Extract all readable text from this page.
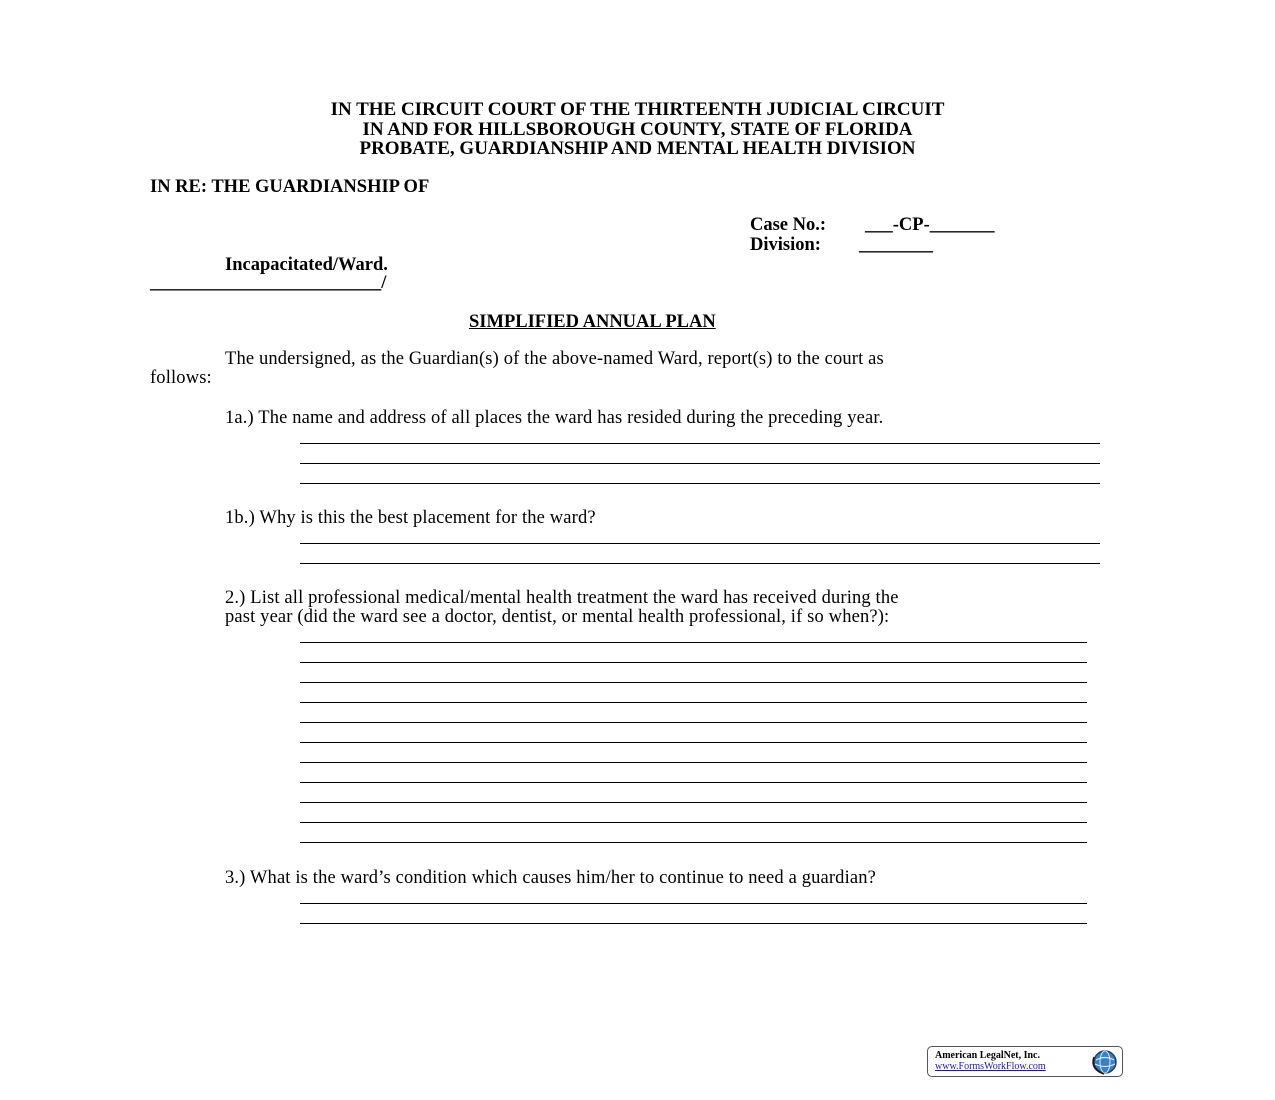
IN THE CIRCUIT COURT OF THE THIRTEENTH JUDICIAL CIRCUIT
IN AND FOR HILLSBOROUGH COUNTY, STATE OF FLORIDA
PROBATE, GUARDIANSHIP AND MENTAL HEALTH DIVISION
IN RE: THE GUARDIANSHIP OF
Case No.: ___-CP-_______
Division: ________
Incapacitated/Ward.
_________________________/
SIMPLIFIED ANNUAL PLAN
The undersigned, as the Guardian(s) of the above-named Ward, report(s) to the court as
follows:
1a.) The name and address of all places the ward has resided during the preceding year.
1b.) Why is this the best placement for the ward?
2.) List all professional medical/mental health treatment the ward has received during the
past year (did the ward see a doctor, dentist, or mental health professional, if so when?):
3.) What is the ward’s condition which causes him/her to continue to need a guardian?
American LegalNet, Inc.
www.FormsWorkFlow.com
